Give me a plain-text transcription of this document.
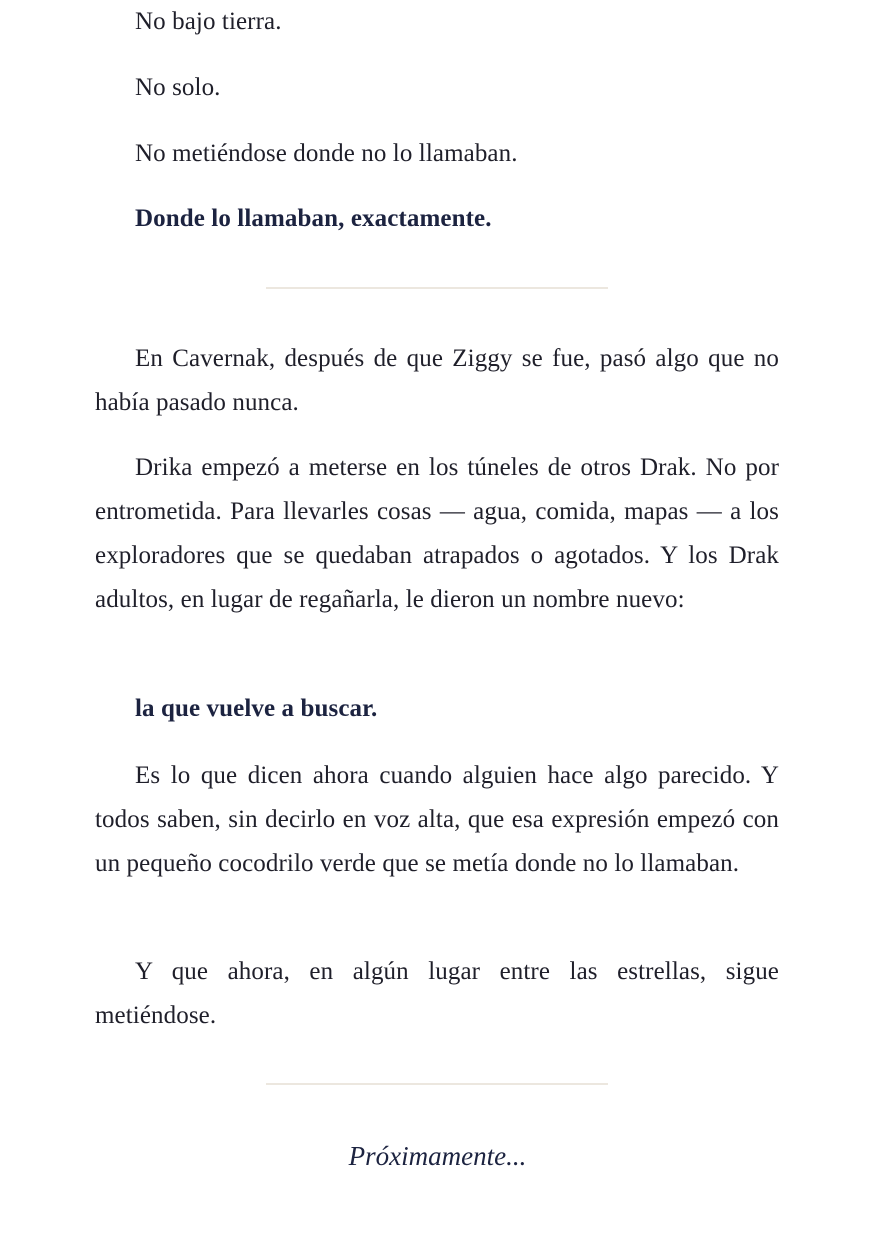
No bajo tierra.

No solo.

No metiéndose donde no lo llamaban.

Donde lo llamaban, exactamente.

En Cavernak, después de que Ziggy se fue, pasó algo que no había pasado nunca.

Drika empezó a meterse en los túneles de otros Drak. No por entrometida. Para llevarles cosas — agua, comida, mapas — a los exploradores que se quedaban atrapados o agotados. Y los Drak adultos, en lugar de regañarla, le dieron un nombre nuevo:

la que vuelve a buscar.

Es lo que dicen ahora cuando alguien hace algo parecido. Y todos saben, sin decirlo en voz alta, que esa expresión empezó con un pequeño cocodrilo verde que se metía donde no lo llamaban.

Y que ahora, en algún lugar entre las estrellas, sigue metiéndose.

Próximamente...
